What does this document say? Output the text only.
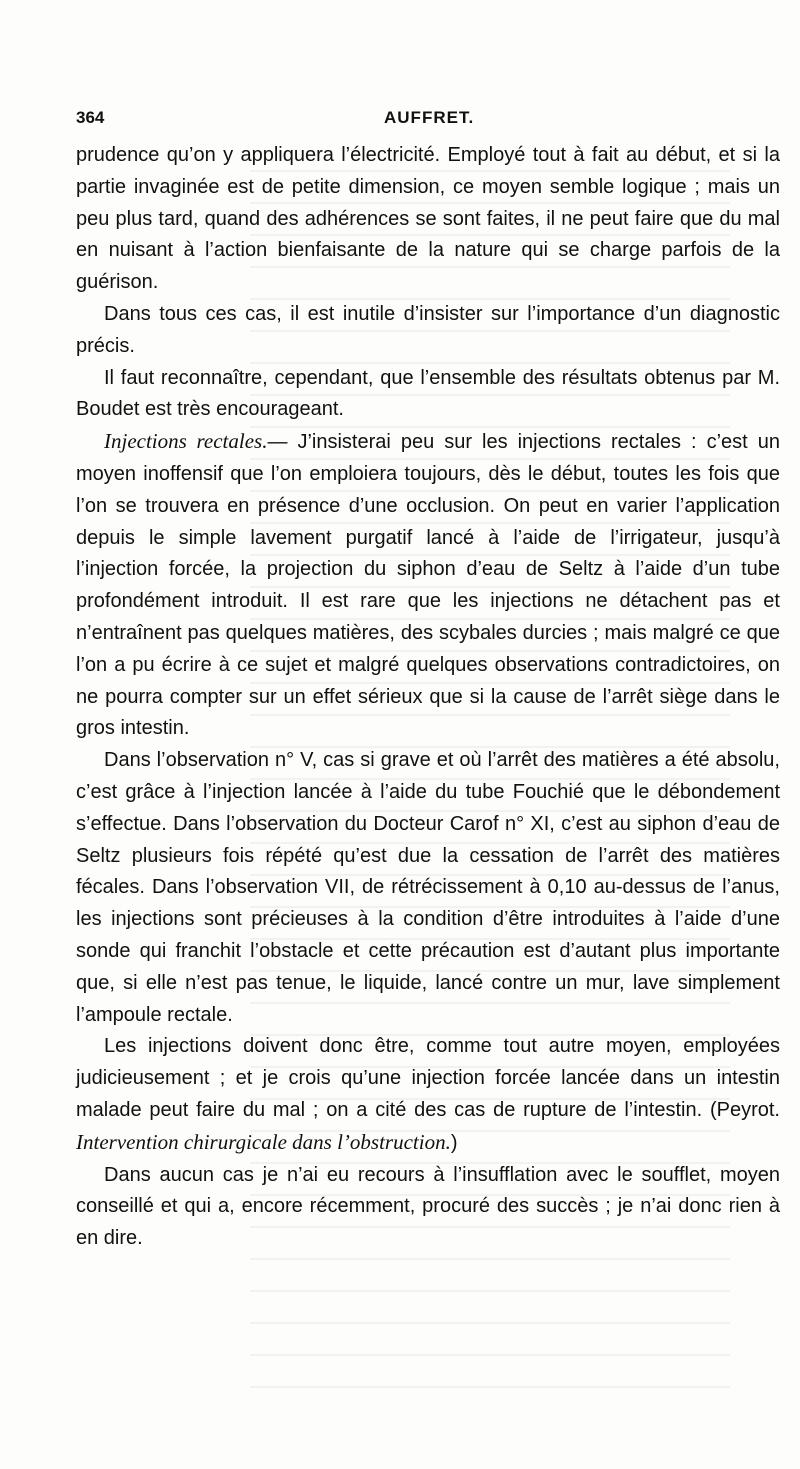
364	AUFFRET.

prudence qu’on y appliquera l’électricité. Employé tout à fait au début, et si la partie invaginée est de petite dimension, ce moyen semble logique ; mais un peu plus tard, quand des adhérences se sont faites, il ne peut faire que du mal en nuisant à l’action bienfaisante de la nature qui se charge parfois de la guérison.

Dans tous ces cas, il est inutile d’insister sur l’importance d’un diagnostic précis.

Il faut reconnaître, cependant, que l’ensemble des résultats obtenus par M. Boudet est très encourageant.

Injections rectales.— J’insisterai peu sur les injections rectales : c’est un moyen inoffensif que l’on emploiera toujours, dès le début, toutes les fois que l’on se trouvera en présence d’une occlusion. On peut en varier l’application depuis le simple lavement purgatif lancé à l’aide de l’irrigateur, jusqu’à l’injection forcée, la projection du siphon d’eau de Seltz à l’aide d’un tube profondément introduit. Il est rare que les injections ne détachent pas et n’entraînent pas quelques matières, des scybales durcies ; mais malgré ce que l’on a pu écrire à ce sujet et malgré quelques observations contradictoires, on ne pourra compter sur un effet sérieux que si la cause de l’arrêt siège dans le gros intestin.

Dans l’observation n° V, cas si grave et où l’arrêt des matières a été absolu, c’est grâce à l’injection lancée à l’aide du tube Fouchié que le débondement s’effectue. Dans l’observation du Docteur Carof n° XI, c’est au siphon d’eau de Seltz plusieurs fois répété qu’est due la cessation de l’arrêt des matières fécales. Dans l’observation VII, de rétrécissement à 0,10 au-dessus de l’anus, les injections sont précieuses à la condition d’être introduites à l’aide d’une sonde qui franchit l’obstacle et cette précaution est d’autant plus importante que, si elle n’est pas tenue, le liquide, lancé contre un mur, lave simplement l’ampoule rectale.

Les injections doivent donc être, comme tout autre moyen, employées judicieusement ; et je crois qu’une injection forcée lancée dans un intestin malade peut faire du mal ; on a cité des cas de rupture de l’intestin. (Peyrot. Intervention chirurgicale dans l’obstruction.)

Dans aucun cas je n’ai eu recours à l’insufflation avec le soufflet, moyen conseillé et qui a, encore récemment, procuré des succès ; je n’ai donc rien à en dire.
